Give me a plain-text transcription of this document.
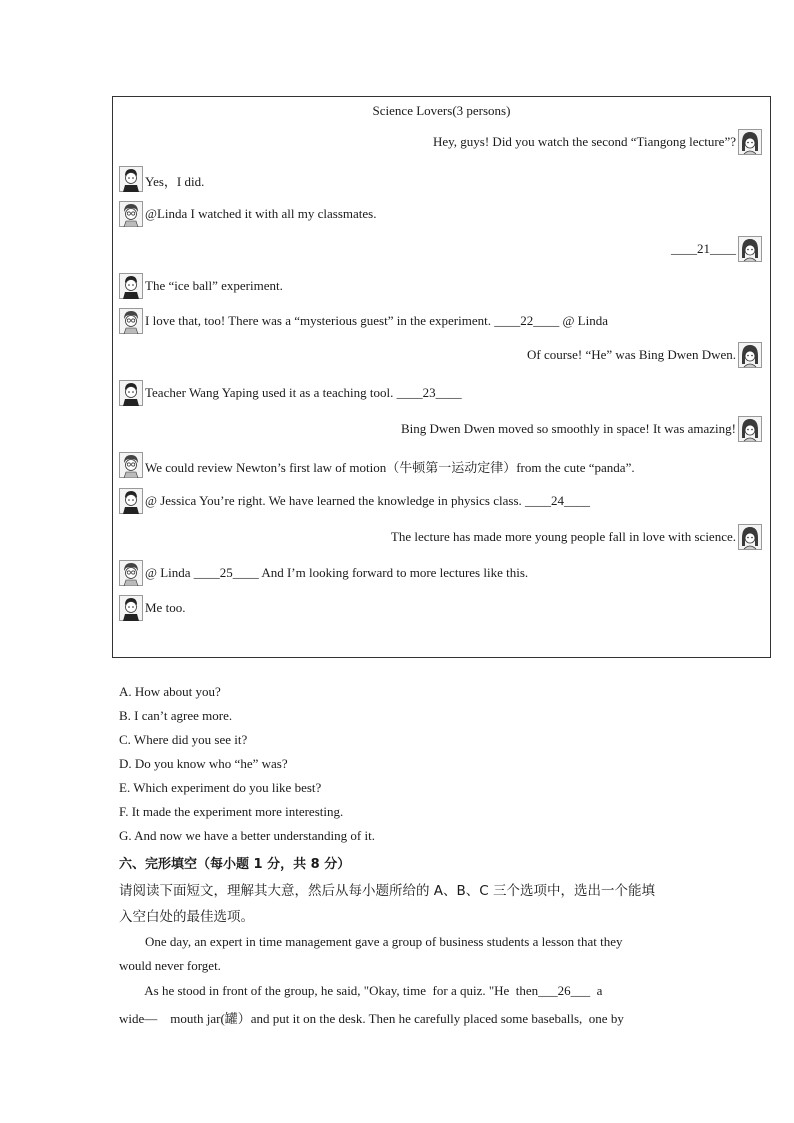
Science Lovers(3 persons)
Hey, guys! Did you watch the second “Tiangong lecture”?
Yes，I did.
@Linda I watched it with all my classmates.
____21____
The “ice ball” experiment.
I love that, too! There was a “mysterious guest” in the experiment. ____22____ @ Linda
Of course! “He” was Bing Dwen Dwen.
Teacher Wang Yaping used it as a teaching tool. ____23____
Bing Dwen Dwen moved so smoothly in space! It was amazing!
We could review Newton’s first law of motion（牛顿第一运动定律）from the cute “panda”.
@ Jessica You’re right. We have learned the knowledge in physics class. ____24____
The lecture has made more young people fall in love with science.
@ Linda ____25____ And I’m looking forward to more lectures like this.
Me too.
A. How about you?
B. I can’t agree more.
C. Where did you see it?
D. Do you know who “he” was?
E. Which experiment do you like best?
F. It made the experiment more interesting.
G. And now we have a better understanding of it.
六、完形填空（每小题 1 分，共 8 分）
请阅读下面短文，理解其大意，然后从每小题所给的 A、B、C 三个选项中，选出一个能填
入空白处的最佳选项。
One day, an expert in time management gave a group of business students a lesson that they
would never forget.
As he stood in front of the group, he said, "Okay, time  for a quiz. "He  then___26___  a
wide—    mouth jar(罐）and put it on the desk. Then he carefully placed some baseballs,  one by
